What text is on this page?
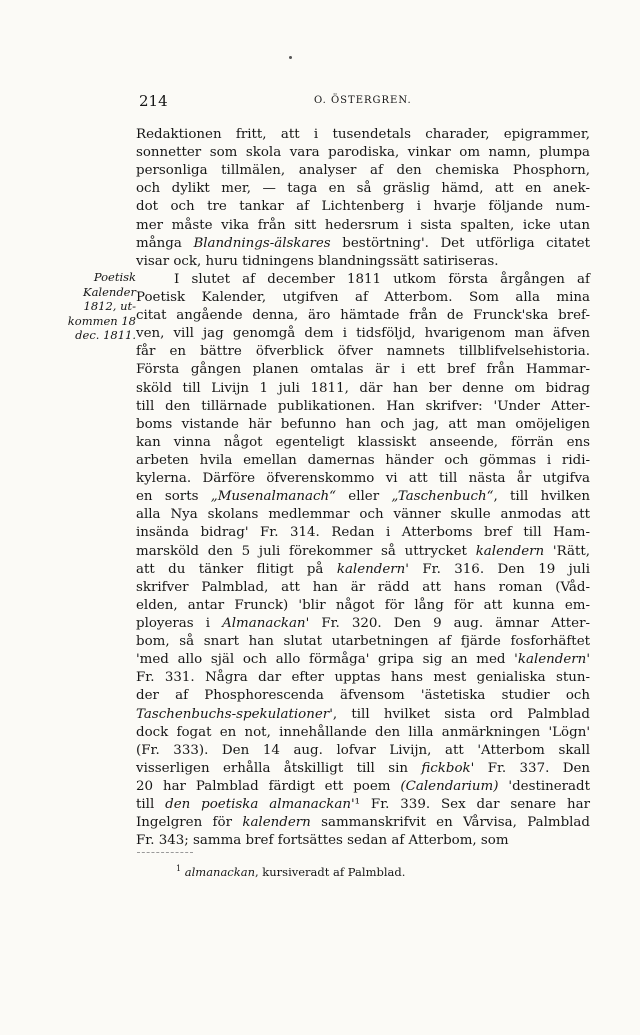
214	O. ÖSTERGREN.
Poetisk
Kalender
1812, ut-
kommen 18
dec. 1811.
Redaktionen fritt, att i tusendetals charader, epigrammer,
sonnetter som skola vara parodiska, vinkar om namn, plumpa
personliga tillmälen, analyser af den chemiska Phosphorn,
och dylikt mer, — taga en så gräslig hämd, att en anek-
dot och tre tankar af Lichtenberg i hvarje följande num-
mer måste vika från sitt hedersrum i sista spalten, icke utan
många Blandnings-älskares bestörtning'. Det utförliga citatet
visar ock, huru tidningens blandningssätt satiriseras.
I slutet af december 1811 utkom första årgången af
Poetisk Kalender, utgifven af Atterbom. Som alla mina
citat angående denna, äro hämtade från de Frunck'ska bref-
ven, vill jag genomgå dem i tidsföljd, hvarigenom man äfven
får en bättre öfverblick öfver namnets tillblifvelsehistoria.
Första gången planen omtalas är i ett bref från Hammar-
sköld till Livijn 1 juli 1811, där han ber denne om bidrag
till den tillärnade publikationen. Han skrifver: 'Under Atter-
boms vistande här befunno han och jag, att man omöjeligen
kan vinna något egenteligt klassiskt anseende, förrän ens
arbeten hvila emellan damernas händer och gömmas i ridi-
kylerna. Därföre öfverenskommo vi att till nästa år utgifva
en sorts „Musenalmanach“ eller „Taschenbuch“, till hvilken
alla Nya skolans medlemmar och vänner skulle anmodas att
insända bidrag' Fr. 314. Redan i Atterboms bref till Ham-
marsköld den 5 juli förekommer så uttrycket kalendern 'Rätt,
att du tänker flitigt på kalendern' Fr. 316. Den 19 juli
skrifver Palmblad, att han är rädd att hans roman (Våd-
elden, antar Frunck) 'blir något för lång för att kunna em-
ployeras i Almanackan' Fr. 320. Den 9 aug. ämnar Atter-
bom, så snart han slutat utarbetningen af fjärde fosforhäftet
'med allo själ och allo förmåga' gripa sig an med 'kalendern'
Fr. 331. Några dar efter upptas hans mest genialiska stun-
der af Phosphorescenda äfvensom 'ästetiska studier och
Taschenbuchs-spekulationer', till hvilket sista ord Palmblad
dock fogat en not, innehållande den lilla anmärkningen 'Lögn'
(Fr. 333). Den 14 aug. lofvar Livijn, att 'Atterbom skall
visserligen erhålla åtskilligt till sin fickbok' Fr. 337. Den
20 har Palmblad färdigt ett poem (Calendarium) 'destineradt
till den poetiska almanackan'¹ Fr. 339. Sex dar senare har
Ingelgren för kalendern sammanskrifvit en Vårvisa, Palmblad
Fr. 343; samma bref fortsättes sedan af Atterbom, som
$^1$ almanackan, kursiveradt af Palmblad.
